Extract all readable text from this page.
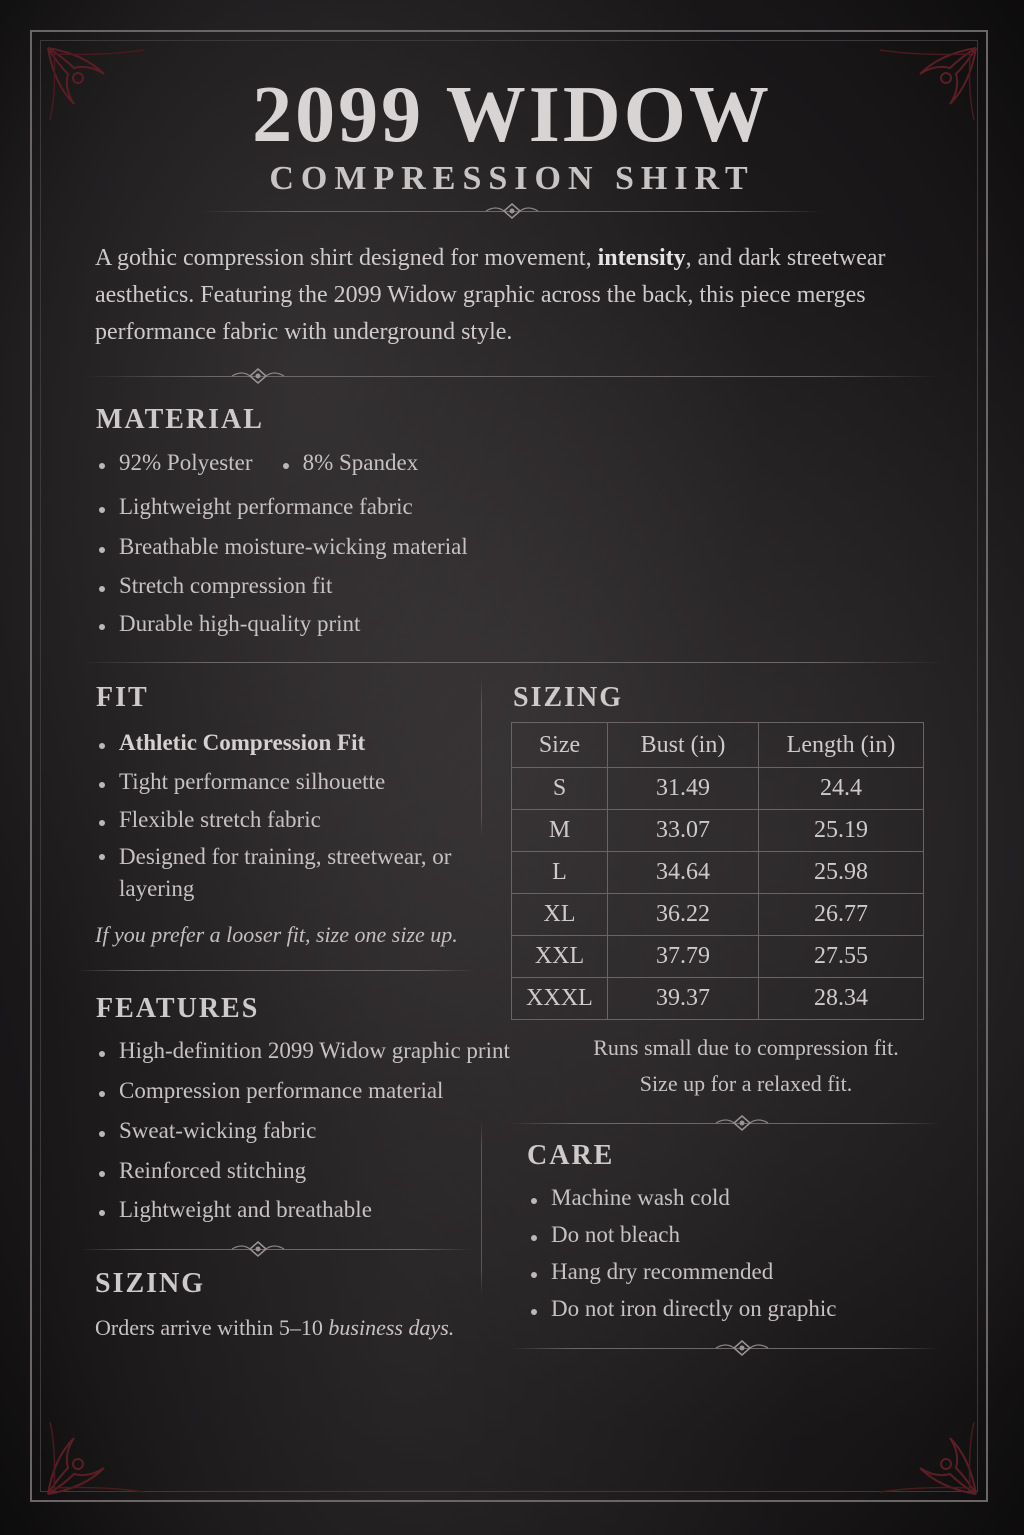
2099 WIDOW
COMPRESSION SHIRT
A gothic compression shirt designed for movement, intensity, and dark streetwear aesthetics. Featuring the 2099 Widow graphic across the back, this piece merges performance fabric with underground style.
MATERIAL
92% Polyester 8% Spandex
Lightweight performance fabric
Breathable moisture-wicking material
Stretch compression fit
Durable high-quality print
FIT
Athletic Compression Fit
Tight performance silhouette
Flexible stretch fabric
Designed for training, streetwear, or layering
If you prefer a looser fit, size one size up.
SIZING
Size	Bust (in)	Length (in)
S	31.49	24.4
M	33.07	25.19
L	34.64	25.98
XL	36.22	26.77
XXL	37.79	27.55
XXXL	39.37	28.34
Runs small due to compression fit.
Size up for a relaxed fit.
FEATURES
High-definition 2099 Widow graphic print
Compression performance material
Sweat-wicking fabric
Reinforced stitching
Lightweight and breathable
CARE
Machine wash cold
Do not bleach
Hang dry recommended
Do not iron directly on graphic
SIZING
Orders arrive within 5–10 business days.
